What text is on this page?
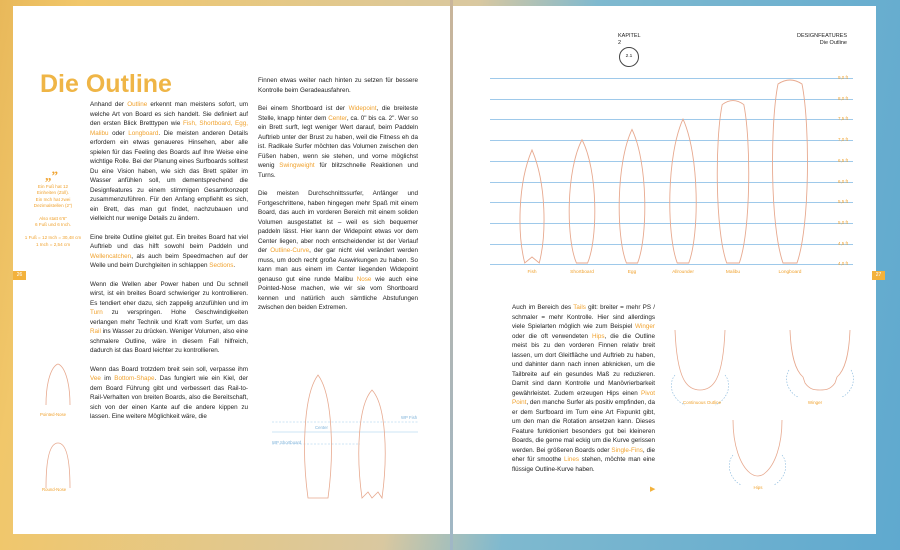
26	27
Die Outline
„”
Ein Fuß hat 12
Einheiten (Zoll).
Ein Inch hat zwei
Dezimalstellen (2")

Also statt 6'6"
6 Fuß und 6 Inch.

1 Fuß = 12 Inch = 30,48 cm
1 Inch = 2,54 cm

Anhand der Outline erkennt man meistens sofort, um welche Art von Board es sich handelt. Sie definiert auf den ersten Blick Bretttypen wie Fish, Shortboard, Egg, Malibu oder Longboard. Die meisten anderen Details erfordern ein etwas genaueres Hinsehen, aber alle spielen für das Feeling des Boards auf Ihre Weise eine wichtige Rolle. Bei der Planung eines Surfboards solltest Du eine Vision haben, wie sich das Brett später im Wasser anfühlen soll, um dementsprechend die Designfeatures zu einem stimmigen Gesamtkonzept zusammenzuführen. Für den Anfang empfiehlt es sich, ein Brett, das man gut findet, nachzubauen und vielleicht nur wenige Details zu ändern.

Eine breite Outline gleitet gut. Ein breites Board hat viel Auftrieb und das hilft sowohl beim Paddeln und Wellencatchen, als auch beim Speedmachen auf der Welle und beim Durchgleiten in schlappen Sections.

Wenn die Wellen aber Power haben und Du schnell wirst, ist ein breites Board schwieriger zu kontrollieren. Es tendiert eher dazu, sich zappelig anzufühlen und im Turn zu verspringen. Hohe Geschwindigkeiten verlangen mehr Technik und Kraft vom Surfer, um das Rail ins Wasser zu drücken. Weniger Volumen, also eine schmalere Outline, wäre in diesem Fall hilfreich, dadurch ist das Board leichter zu kontrollieren.

Wenn das Board trotzdem breit sein soll, verpasse ihm Vee im Bottom-Shape. Das fungiert wie ein Kiel, der dem Board Führung gibt und verbessert das Rail-to-Rail-Verhalten von breiten Boards, also die Bereitschaft, sich von der einen Kante auf die andere kippen zu lassen. Eine weitere Möglichkeit wäre, die

Finnen etwas weiter nach hinten zu setzen für bessere Kontrolle beim Geradeausfahren.

Bei einem Shortboard ist der Widepoint, die breiteste Stelle, knapp hinter dem Center, ca. 0" bis ca. 2". Wer so ein Brett surft, legt weniger Wert darauf, beim Paddeln Auftrieb unter der Brust zu haben, weil die Fitness eh da ist. Radikale Surfer möchten das Volumen zwischen den Füßen haben, wenn sie stehen, und vorne möglichst wenig Swingweight für blitzschnelle Reaktionen und Turns.

Die meisten Durchschnittssurfer, Anfänger und Fortgeschrittene, haben hingegen mehr Spaß mit einem Board, das auch im vorderen Bereich mit einem soliden Volumen ausgestattet ist – weil es sich bequemer paddeln lässt. Hier kann der Widepoint etwas vor dem Center liegen, aber noch entscheidender ist der Verlauf der Outline-Curve, der gar nicht viel verändert werden muss, um doch recht große Auswirkungen zu haben. So kann man aus einem im Center liegenden Widepoint genauso gut eine runde Malibu Nose wie auch eine Pointed-Nose machen, wie wir sie vom Shortboard kennen und natürlich auch sämtliche Abstufungen zwischen den beiden Extremen.

Pointed-Nose
Round-Nose
Center
WP Fish
WP Shortboard
KAPITEL
2
2.1
DESIGNFEATURES
Die Outline
9,0 ft
8,0 ft
7,5 ft
7,0 ft
6,5 ft
6,0 ft
5,5 ft
5,0 ft
4,5 ft
4,0 ft
Fish	Shortboard	Egg	Allrounder	Malibu	Longboard

Auch im Bereich des Tails gilt: breiter = mehr PS / schmaler = mehr Kontrolle. Hier sind allerdings viele Spielarten möglich wie zum Beispiel Winger oder die oft verwendeten Hips, die die Outline meist bis zu den vorderen Finnen relativ breit lassen, um dort Gleitfläche und Auftrieb zu haben, und dahinter dann nach innen abknicken, um die Tailbreite auf ein gesundes Maß zu reduzieren. Damit sind dann Kontrolle und Manövrierbarkeit gewährleistet. Zudem erzeugen Hips einen Pivot Point, den manche Surfer als positiv empfinden, da er dem Surfboard im Turn eine Art Fixpunkt gibt, um den man die Rotation ansetzen kann. Dieses Feature funktioniert besonders gut bei kleineren Boards, die gerne mal eckig um die Kurve gerissen werden. Bei größeren Boards oder Single-Fins, die eher für smoothe Lines stehen, möchte man eine flüssige Outline-Kurve haben.

▶
Continuous Outline	Winger
Hips
